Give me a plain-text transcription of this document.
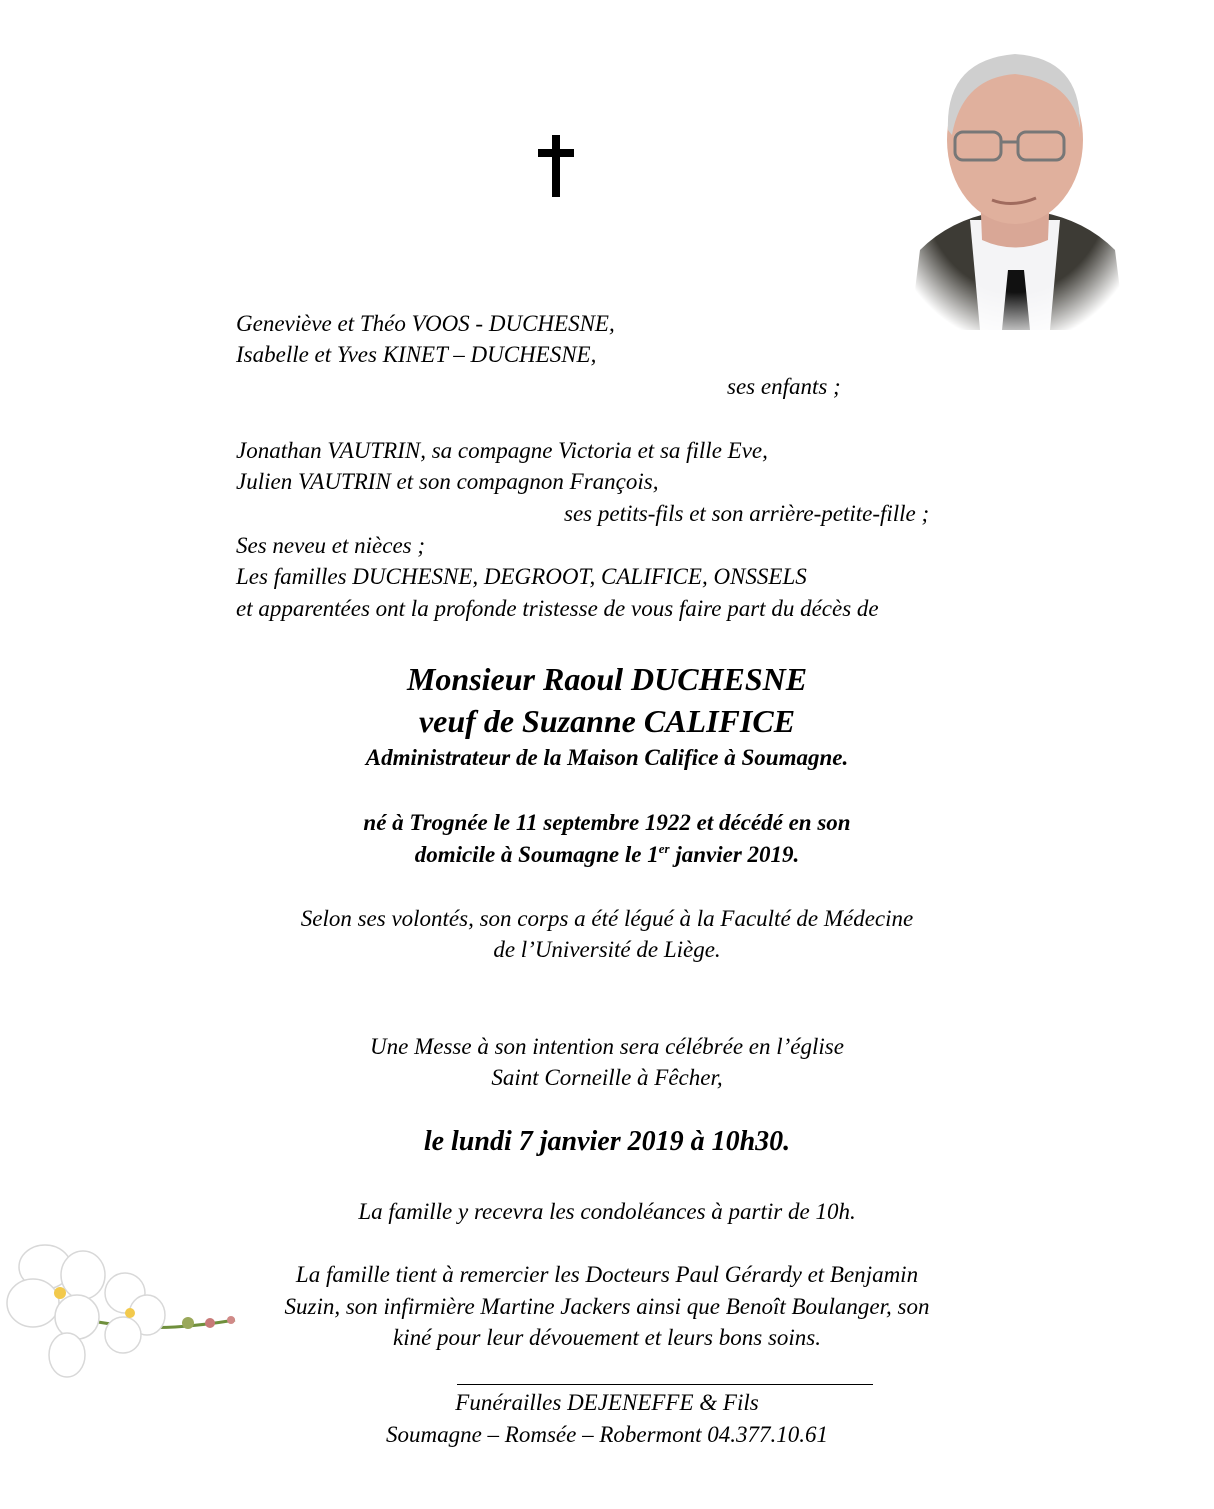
Geneviève et Théo VOOS - DUCHESNE,
Isabelle et Yves KINET – DUCHESNE,
ses enfants ;
Jonathan VAUTRIN, sa compagne Victoria et sa fille Eve,
Julien VAUTRIN et son compagnon François,
ses petits-fils et son arrière-petite-fille ;
Ses neveu et nièces ;
Les familles DUCHESNE, DEGROOT, CALIFICE, ONSSELS
et apparentées ont la profonde tristesse de vous faire part du décès de
Monsieur Raoul DUCHESNE
veuf de Suzanne CALIFICE
Administrateur de la Maison Califice à Soumagne.
né à Trognée le 11 septembre 1922 et décédé en son
domicile à Soumagne le 1er janvier 2019.
Selon ses volontés, son corps a été légué à la Faculté de Médecine
de l’Université de Liège.
Une Messe à son intention sera célébrée en l’église
Saint Corneille à Fêcher,
le lundi 7 janvier 2019 à 10h30.
La famille y recevra les condoléances à partir de 10h.
La famille tient à remercier les Docteurs Paul Gérardy et Benjamin
Suzin, son infirmière Martine Jackers ainsi que Benoît Boulanger, son
kiné pour leur dévouement et leurs bons soins.
Funérailles DEJENEFFE & Fils
Soumagne – Romsée – Robermont 04.377.10.61
